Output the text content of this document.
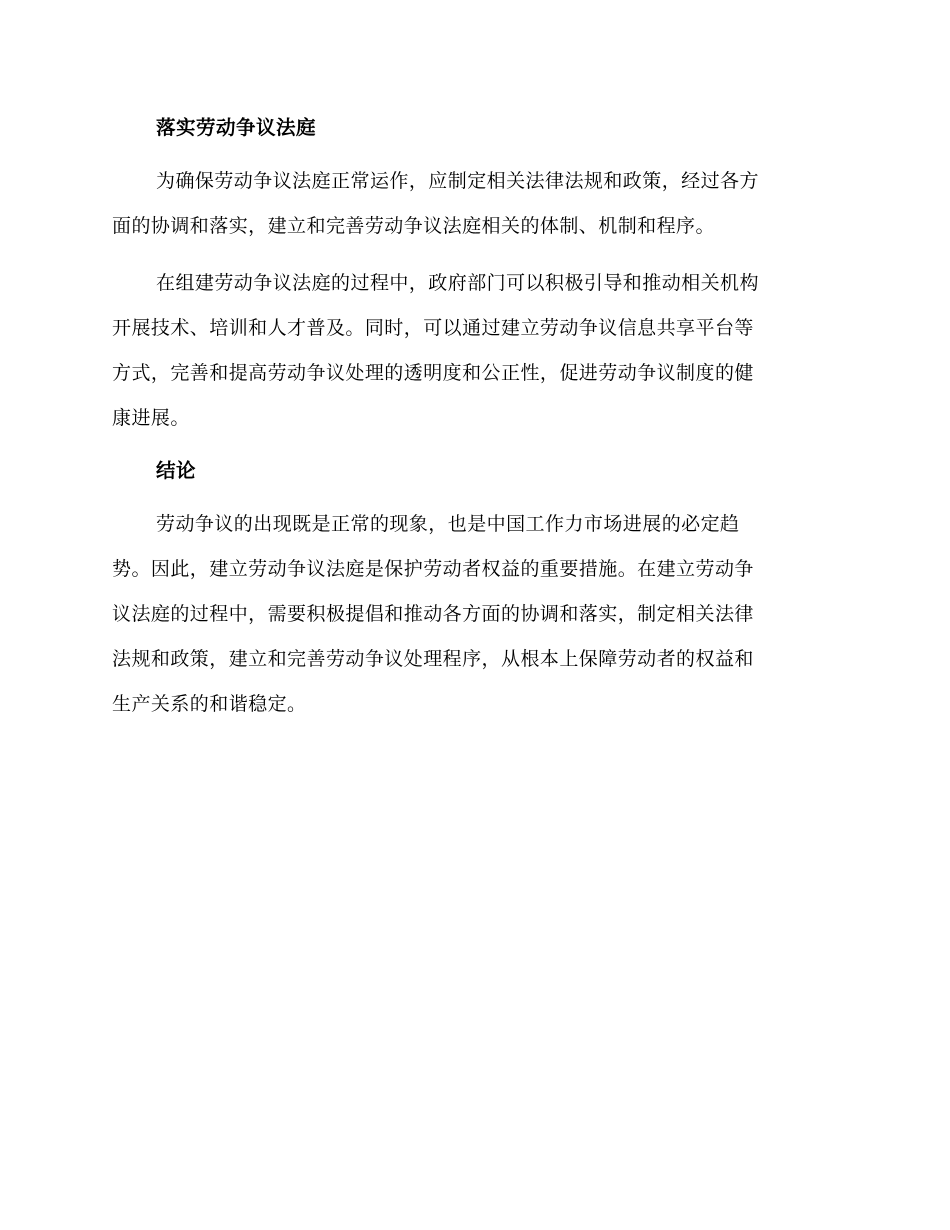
落实劳动争议法庭
为确保劳动争议法庭正常运作，应制定相关法律法规和政策，经过各方
面的协调和落实，建立和完善劳动争议法庭相关的体制、机制和程序。
在组建劳动争议法庭的过程中，政府部门可以积极引导和推动相关机构
开展技术、培训和人才普及。同时，可以通过建立劳动争议信息共享平台等
方式，完善和提高劳动争议处理的透明度和公正性，促进劳动争议制度的健
康进展。
结论
劳动争议的出现既是正常的现象，也是中国工作力市场进展的必定趋
势。因此，建立劳动争议法庭是保护劳动者权益的重要措施。在建立劳动争
议法庭的过程中，需要积极提倡和推动各方面的协调和落实，制定相关法律
法规和政策，建立和完善劳动争议处理程序，从根本上保障劳动者的权益和
生产关系的和谐稳定。
